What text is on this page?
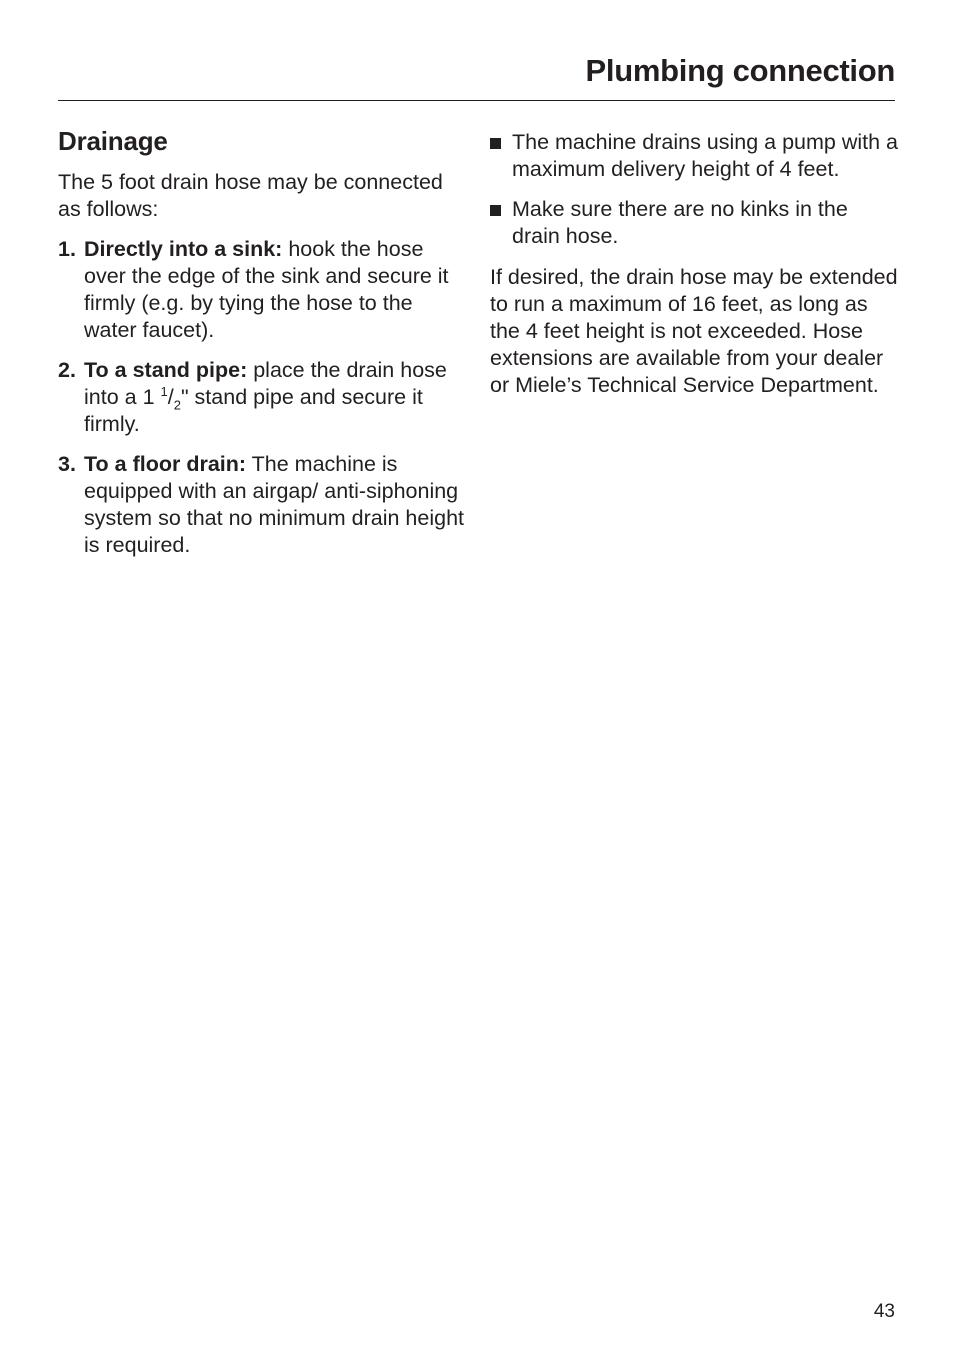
Plumbing connection
Drainage

The 5 foot drain hose may be connected as follows:

1. Directly into a sink: hook the hose over the edge of the sink and secure it firmly (e.g. by tying the hose to the water faucet).
2. To a stand pipe: place the drain hose into a 1 $^1/_2$" stand pipe and secure it firmly.
3. To a floor drain: The machine is equipped with an airgap/ anti-siphoning system so that no minimum drain height is required.
The machine drains using a pump with a maximum delivery height of 4 feet.
Make sure there are no kinks in the drain hose.

If desired, the drain hose may be extended to run a maximum of 16 feet, as long as the 4 feet height is not exceeded. Hose extensions are available from your dealer or Miele’s Technical Service Department.

43
